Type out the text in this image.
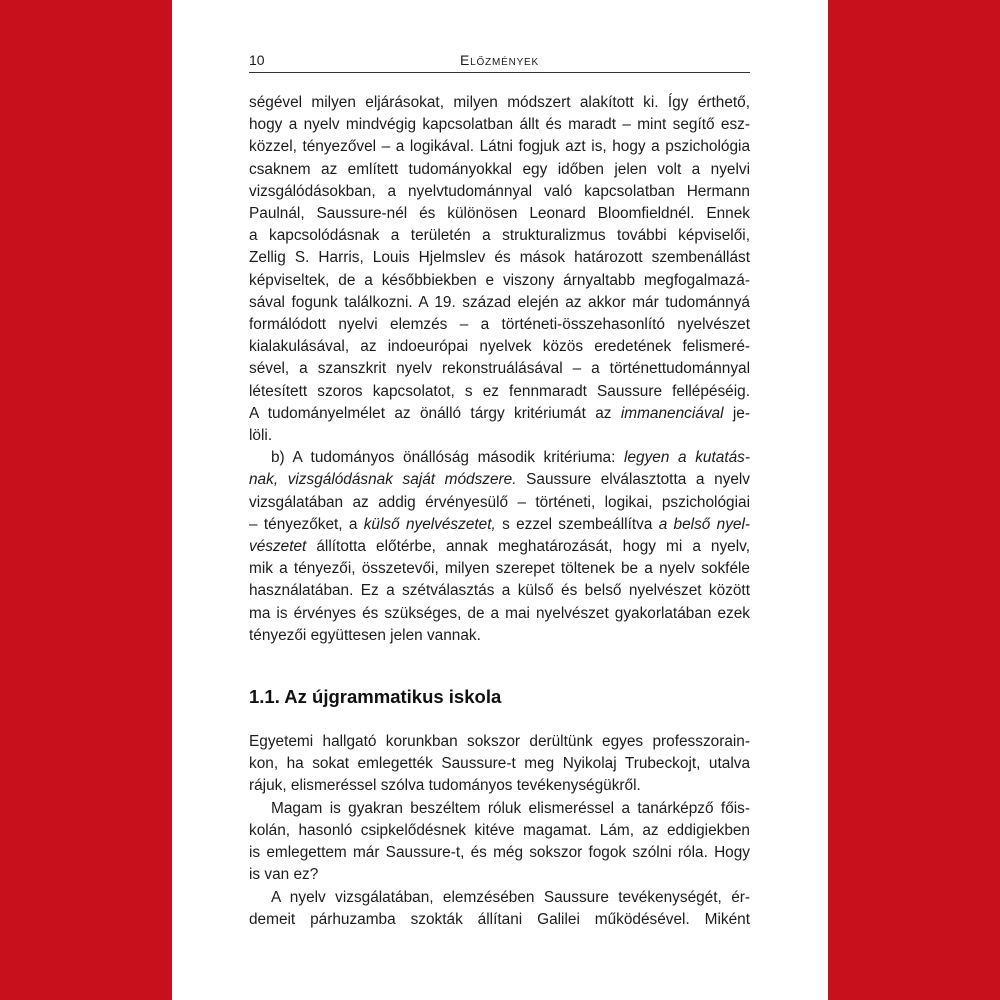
10	Előzmények
ségével milyen eljárásokat, milyen módszert alakított ki. Így érthető,
hogy a nyelv mindvégig kapcsolatban állt és maradt – mint segítő esz-
közzel, tényezővel – a logikával. Látni fogjuk azt is, hogy a pszichológia
csaknem az említett tudományokkal egy időben jelen volt a nyelvi
vizsgálódásokban, a nyelvtudománnyal való kapcsolatban Hermann
Paulnál, Saussure-nél és különösen Leonard Bloomfieldnél. Ennek
a kapcsolódásnak a területén a strukturalizmus további képviselői,
Zellig S. Harris, Louis Hjelmslev és mások határozott szembenállást
képviseltek, de a későbbiekben e viszony árnyaltabb megfogalmazá-
sával fogunk találkozni. A 19. század elején az akkor már tudománnyá
formálódott nyelvi elemzés – a történeti-összehasonlító nyelvészet
kialakulásával, az indoeurópai nyelvek közös eredetének felismeré-
sével, a szanszkrit nyelv rekonstruálásával – a történettudománnyal
létesített szoros kapcsolatot, s ez fennmaradt Saussure fellépéséig.
A tudományelmélet az önálló tárgy kritériumát az immanenciával je-
löli.
b) A tudományos önállóság második kritériuma: legyen a kutatás-
nak, vizsgálódásnak saját módszere. Saussure elválasztotta a nyelv
vizsgálatában az addig érvényesülő – történeti, logikai, pszichológiai
– tényezőket, a külső nyelvészetet, s ezzel szembeállítva a belső nyel-
vészetet állította előtérbe, annak meghatározását, hogy mi a nyelv,
mik a tényezői, összetevői, milyen szerepet töltenek be a nyelv sokféle
használatában. Ez a szétválasztás a külső és belső nyelvészet között
ma is érvényes és szükséges, de a mai nyelvészet gyakorlatában ezek
tényezői együttesen jelen vannak.
1.1. Az újgrammatikus iskola
Egyetemi hallgató korunkban sokszor derültünk egyes professzorain-
kon, ha sokat emlegették Saussure-t meg Nyikolaj Trubeckojt, utalva
rájuk, elismeréssel szólva tudományos tevékenységükről.
Magam is gyakran beszéltem róluk elismeréssel a tanárképző főis-
kolán, hasonló csipkelődésnek kitéve magamat. Lám, az eddigiekben
is emlegettem már Saussure-t, és még sokszor fogok szólni róla. Hogy
is van ez?
A nyelv vizsgálatában, elemzésében Saussure tevékenységét, ér-
demeit párhuzamba szokták állítani Galilei működésével. Miként
